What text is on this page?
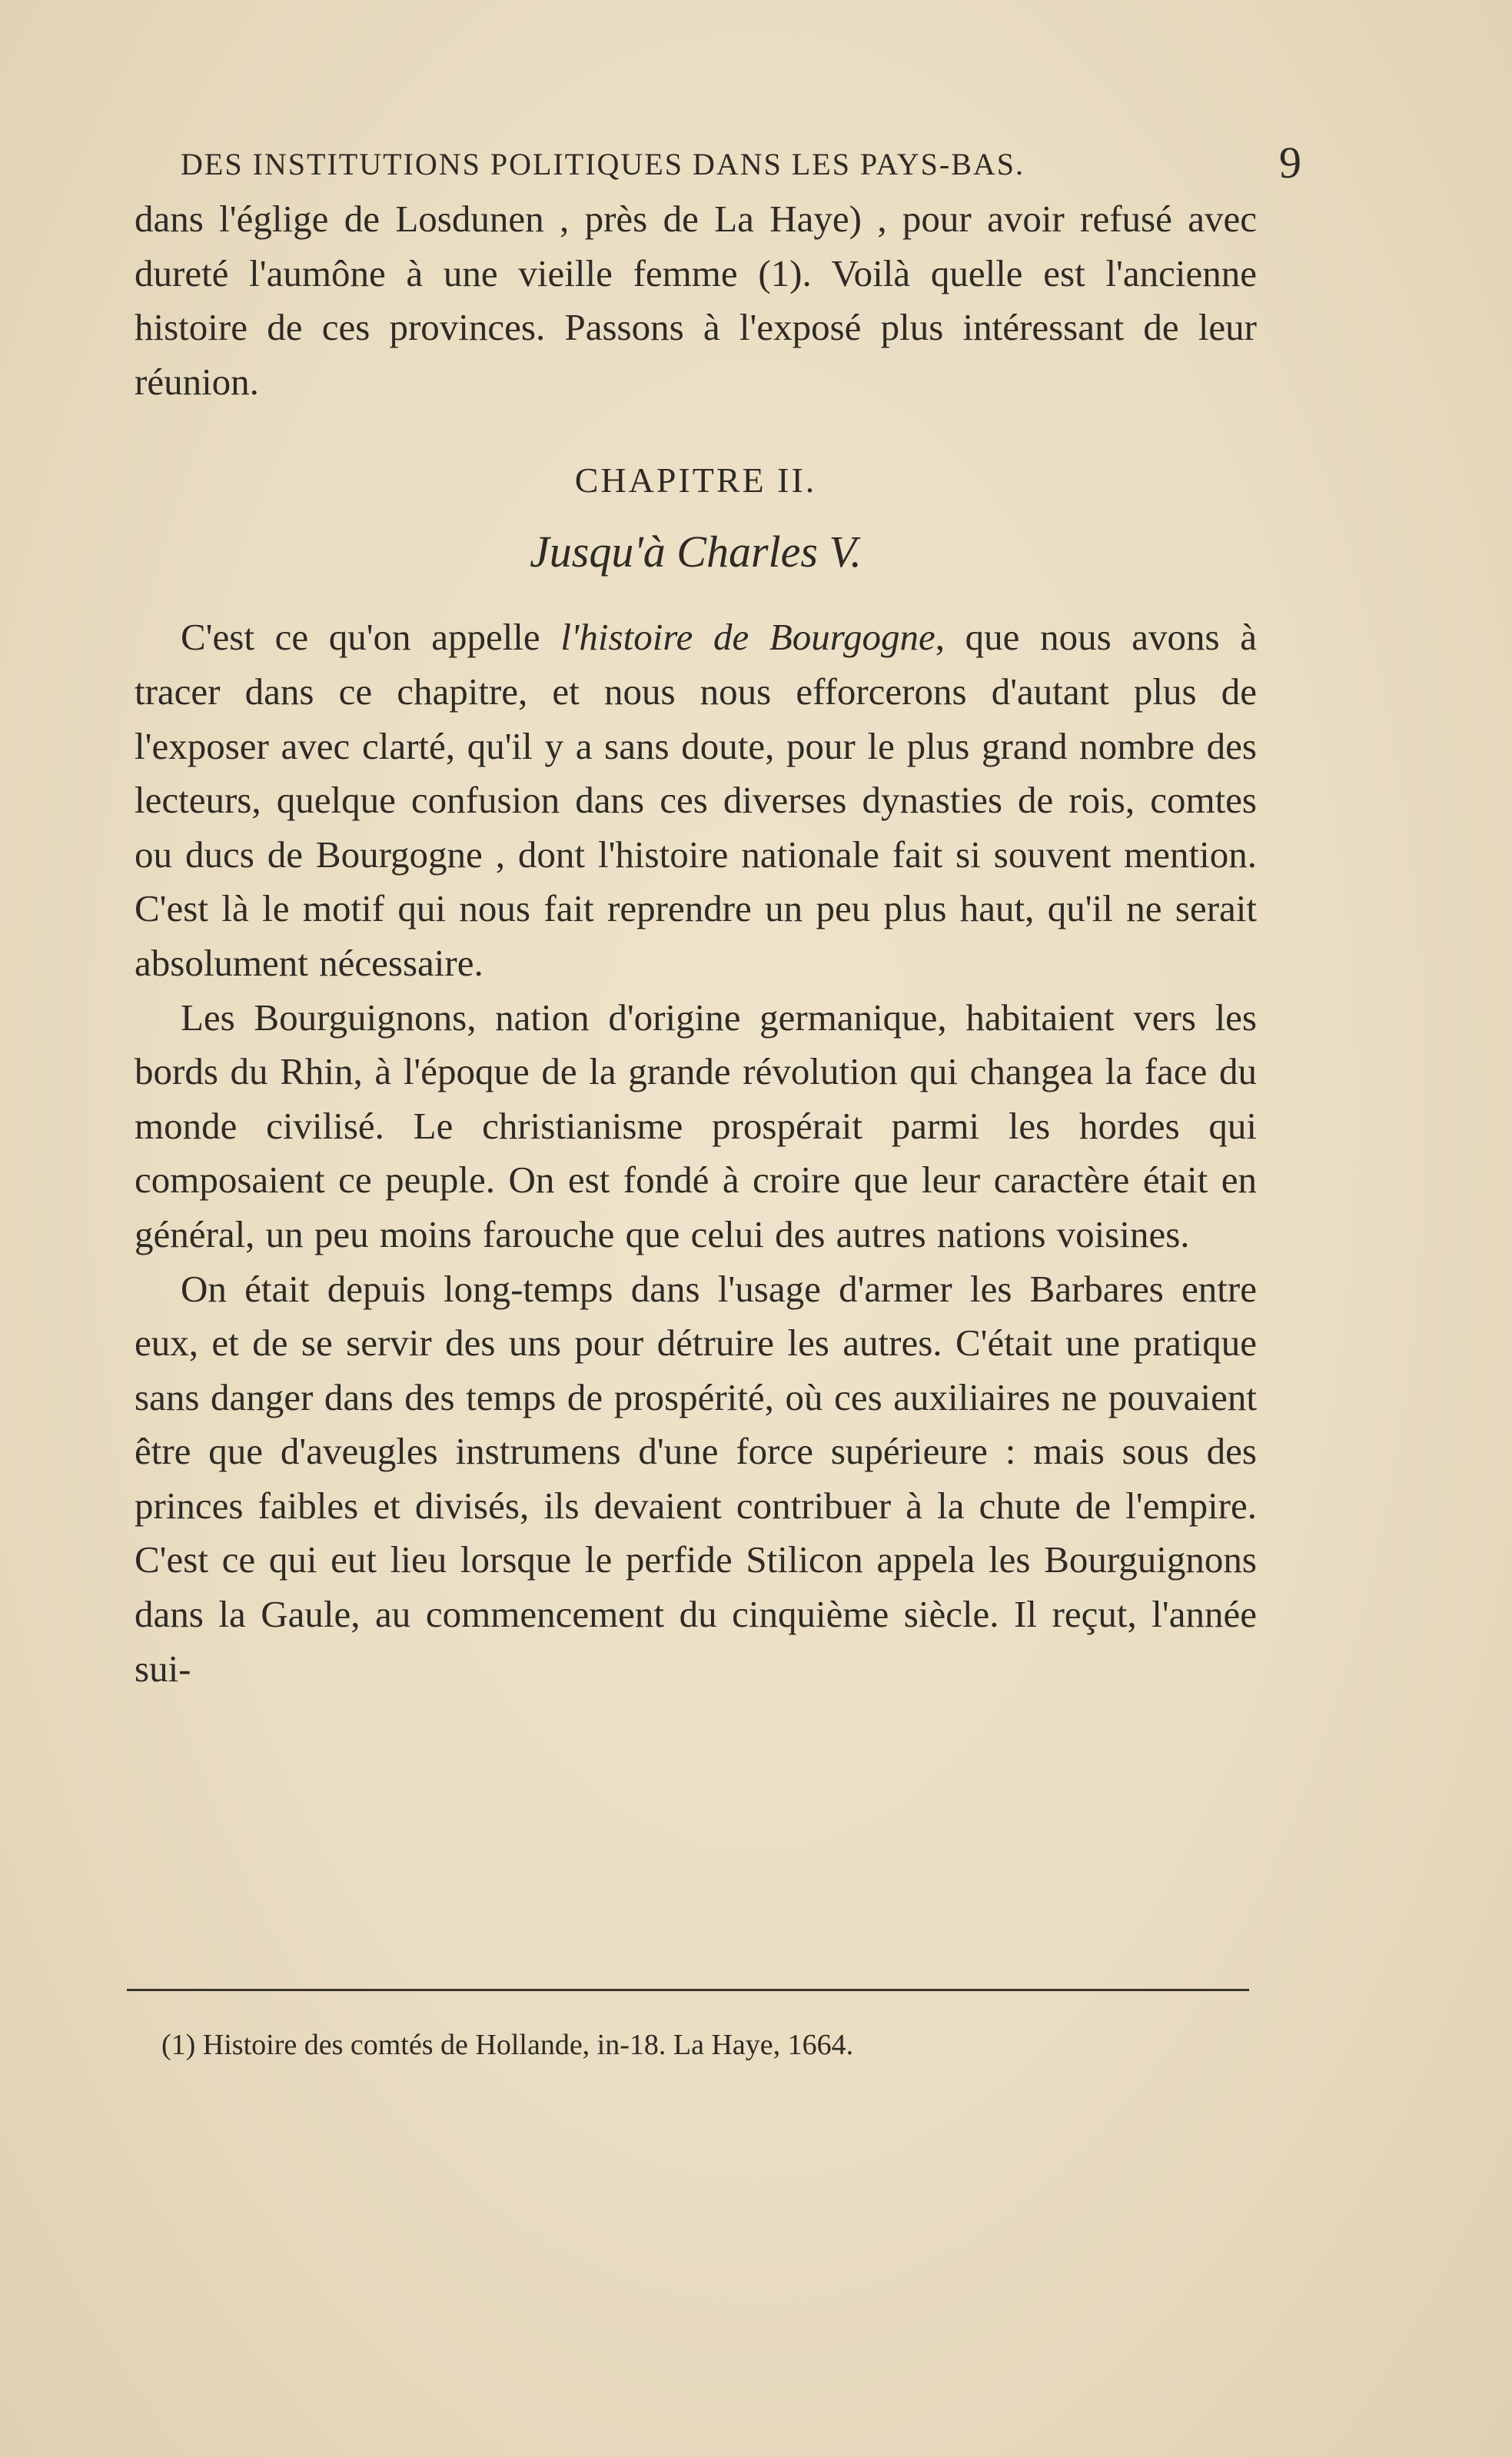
DES INSTITUTIONS POLITIQUES DANS LES PAYS-BAS.	9

dans l'églige de Losdunen , près de La Haye) , pour avoir refusé avec dureté l'aumône à une vieille femme (1). Voilà quelle est l'ancienne histoire de ces provinces. Passons à l'exposé plus intéressant de leur réunion.

CHAPITRE II.
Jusqu'à Charles V.

C'est ce qu'on appelle l'histoire de Bourgogne, que nous avons à tracer dans ce chapitre, et nous nous efforcerons d'autant plus de l'exposer avec clarté, qu'il y a sans doute, pour le plus grand nombre des lecteurs, quelque confusion dans ces diverses dynasties de rois, comtes ou ducs de Bourgogne , dont l'histoire nationale fait si souvent mention. C'est là le motif qui nous fait reprendre un peu plus haut, qu'il ne serait absolument nécessaire.

Les Bourguignons, nation d'origine germanique, habitaient vers les bords du Rhin, à l'époque de la grande révolution qui changea la face du monde civilisé. Le christianisme prospérait parmi les hordes qui composaient ce peuple. On est fondé à croire que leur caractère était en général, un peu moins farouche que celui des autres nations voisines.

On était depuis long-temps dans l'usage d'armer les Barbares entre eux, et de se servir des uns pour détruire les autres. C'était une pratique sans danger dans des temps de prospérité, où ces auxiliaires ne pouvaient être que d'aveugles instrumens d'une force supérieure : mais sous des princes faibles et divisés, ils devaient contribuer à la chute de l'empire. C'est ce qui eut lieu lorsque le perfide Stilicon appela les Bourguignons dans la Gaule, au commencement du cinquième siècle. Il reçut, l'année sui-

(1) Histoire des comtés de Hollande, in-18. La Haye, 1664.
